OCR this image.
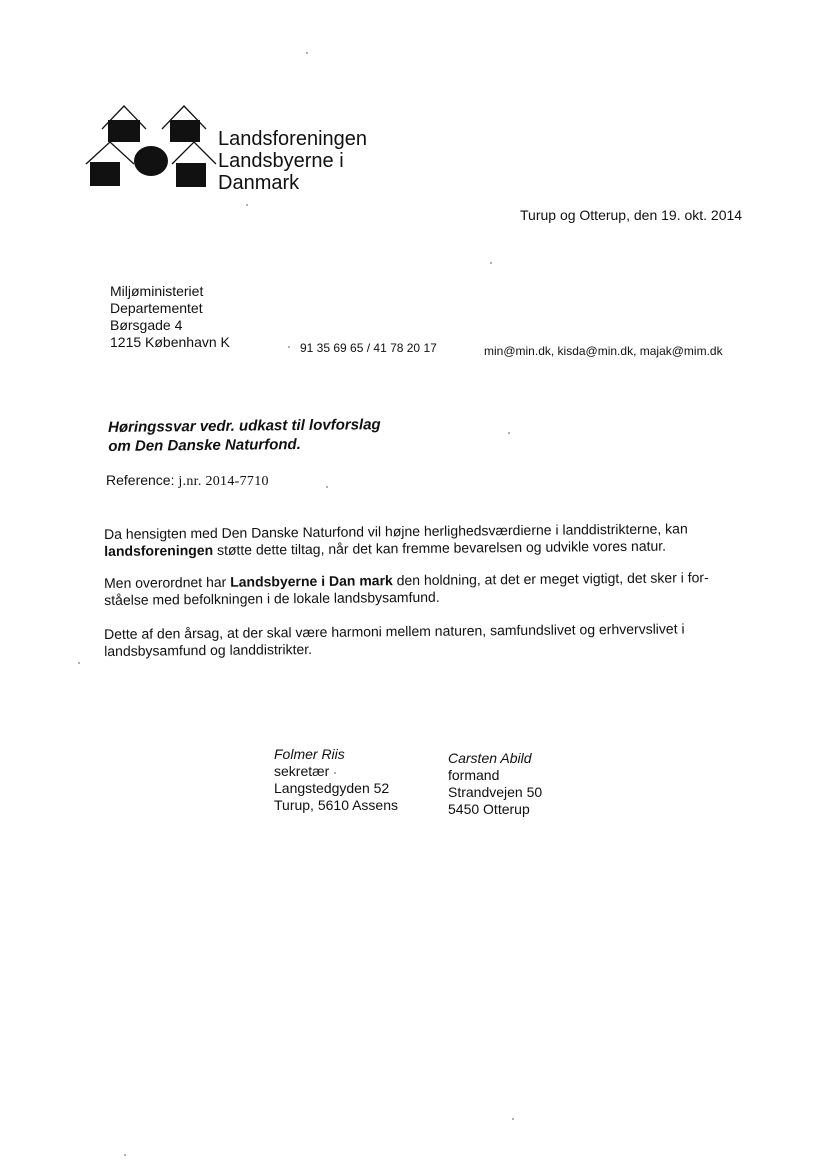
Landsforeningen
Landsbyerne i
Danmark
Turup og Otterup, den 19. okt. 2014
Miljøministeriet
Departementet
Børsgade 4
1215 København K	91 35 69 65 / 41 78 20 17	min@min.dk, kisda@min.dk, majak@mim.dk
Høringssvar vedr. udkast til lovforslag
om Den Danske Naturfond.
Reference: j.nr. 2014-7710
Da hensigten med Den Danske Naturfond vil højne herlighedsværdierne i landdistrikterne, kan
landsforeningen støtte dette tiltag, når det kan fremme bevarelsen og udvikle vores natur.
Men overordnet har Landsbyerne i Dan mark den holdning, at det er meget vigtigt, det sker i for-
ståelse med befolkningen i de lokale landsbysamfund.
Dette af den årsag, at der skal være harmoni mellem naturen, samfundslivet og erhvervslivet i
landsbysamfund og landdistrikter.
Folmer Riis
sekretær
Langstedgyden 52
Turup, 5610 Assens
Carsten Abild
formand
Strandvejen 50
5450 Otterup
